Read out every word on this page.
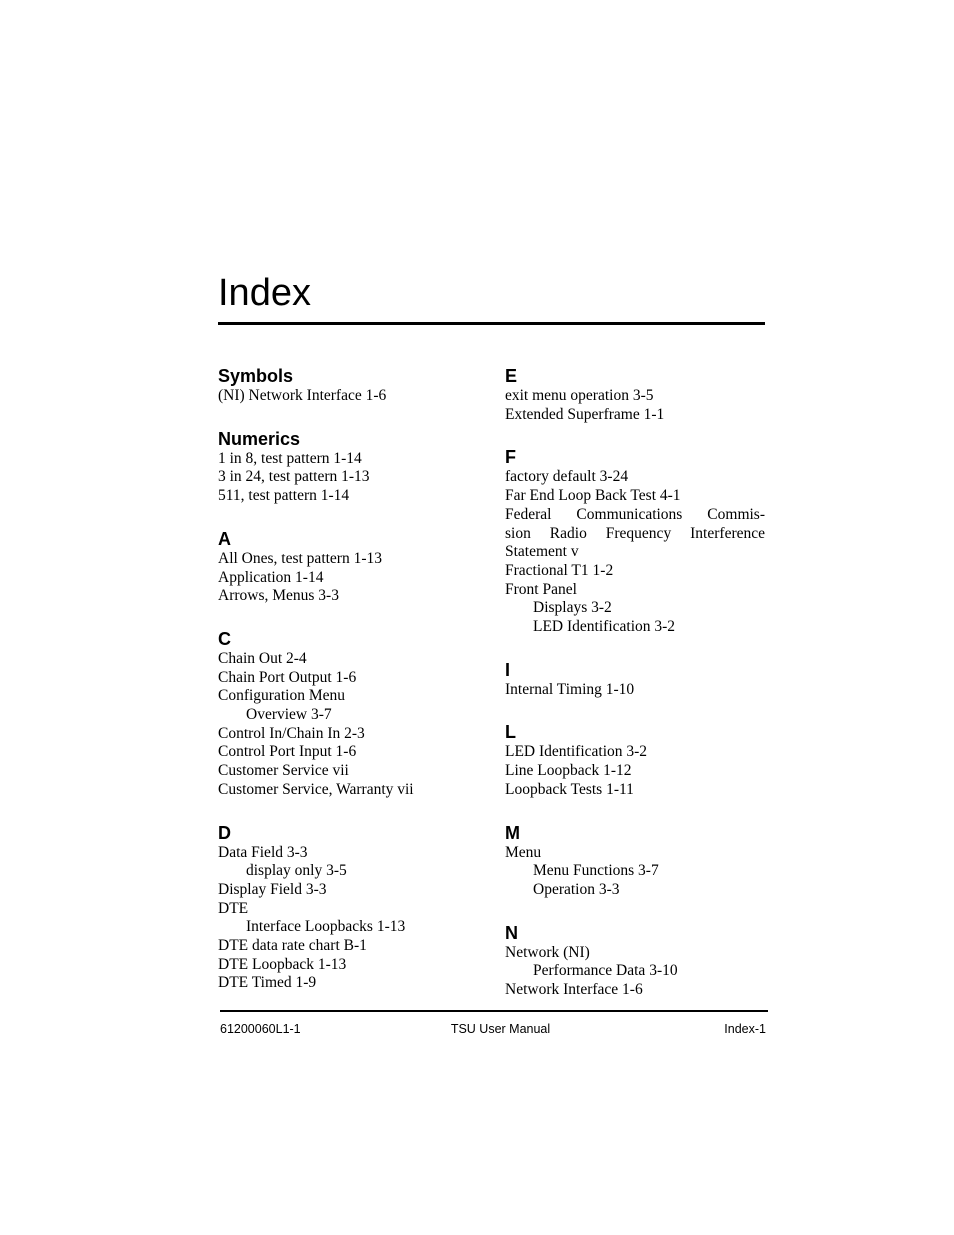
Index
Symbols
(NI) Network Interface 1-6
Numerics
1 in 8, test pattern 1-14
3 in 24, test pattern 1-13
511, test pattern 1-14
A
All Ones, test pattern 1-13
Application 1-14
Arrows, Menus 3-3
C
Chain Out 2-4
Chain Port Output 1-6
Configuration Menu
Overview 3-7
Control In/Chain In 2-3
Control Port Input 1-6
Customer Service vii
Customer Service, Warranty vii
D
Data Field 3-3
display only 3-5
Display Field 3-3
DTE
Interface Loopbacks 1-13
DTE data rate chart B-1
DTE Loopback 1-13
DTE Timed 1-9
E
exit menu operation 3-5
Extended Superframe 1-1
F
factory default 3-24
Far End Loop Back Test 4-1
Federal Communications Commis-
sion Radio Frequency Interference
Statement v
Fractional T1 1-2
Front Panel
Displays 3-2
LED Identification 3-2
I
Internal Timing 1-10
L
LED Identification 3-2
Line Loopback 1-12
Loopback Tests 1-11
M
Menu
Menu Functions 3-7
Operation 3-3
N
Network (NI)
Performance Data 3-10
Network Interface 1-6
61200060L1-1	TSU User Manual	Index-1
